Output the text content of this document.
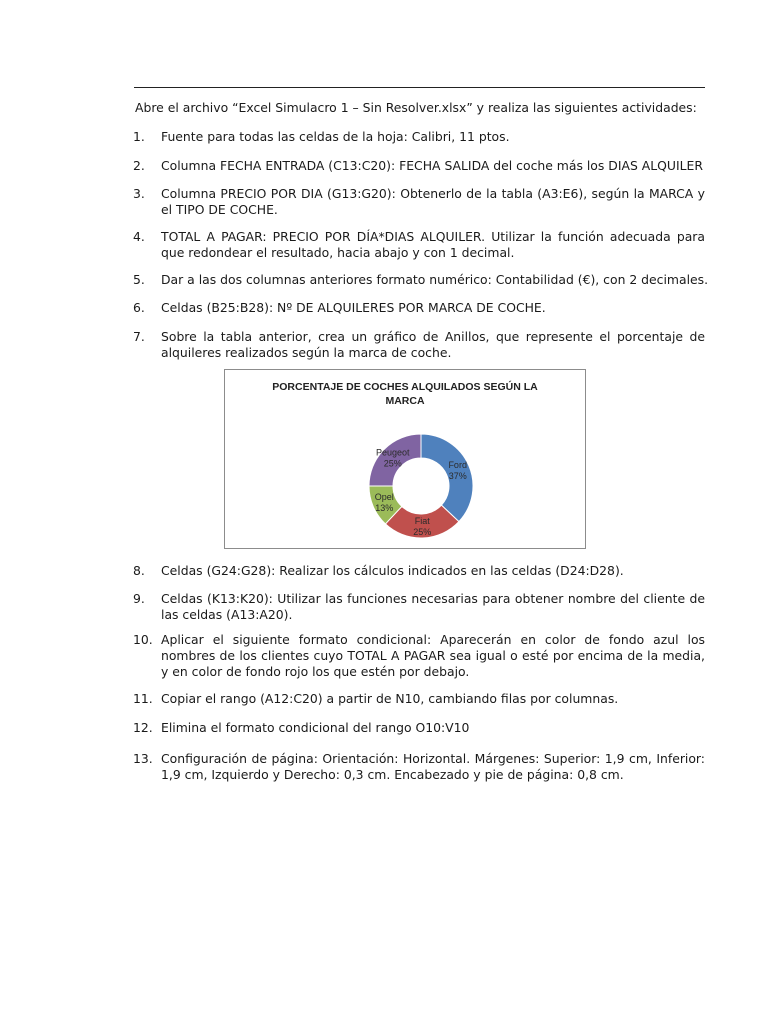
Abre el archivo “Excel Simulacro 1 – Sin Resolver.xlsx” y realiza las siguientes actividades:
1. Fuente para todas las celdas de la hoja: Calibri, 11 ptos.
2. Columna FECHA ENTRADA (C13:C20): FECHA SALIDA del coche más los DIAS ALQUILER
3. Columna PRECIO POR DIA (G13:G20): Obtenerlo de la tabla (A3:E6), según la MARCA y el TIPO DE COCHE.
4. TOTAL A PAGAR: PRECIO POR DÍA*DIAS ALQUILER. Utilizar la función adecuada para que redondear el resultado, hacia abajo y con 1 decimal.
5. Dar a las dos columnas anteriores formato numérico: Contabilidad (€), con 2 decimales.
6. Celdas (B25:B28): Nº DE ALQUILERES POR MARCA DE COCHE.
7. Sobre la tabla anterior, crea un gráfico de Anillos, que represente el porcentaje de alquileres realizados según la marca de coche.
PORCENTAJE DE COCHES ALQUILADOS SEGÚN LA
MARCA
Ford
37%
Fiat
25%
Opel
13%
Peugeot
25%
8. Celdas (G24:G28): Realizar los cálculos indicados en las celdas (D24:D28).
9. Celdas (K13:K20): Utilizar las funciones necesarias para obtener nombre del cliente de las celdas (A13:A20).
10. Aplicar el siguiente formato condicional: Aparecerán en color de fondo azul los nombres de los clientes cuyo TOTAL A PAGAR sea igual o esté por encima de la media, y en color de fondo rojo los que estén por debajo.
11. Copiar el rango (A12:C20) a partir de N10, cambiando filas por columnas.
12. Elimina el formato condicional del rango O10:V10
13. Configuración de página: Orientación: Horizontal. Márgenes: Superior: 1,9 cm, Inferior: 1,9 cm, Izquierdo y Derecho: 0,3 cm. Encabezado y pie de página: 0,8 cm.
